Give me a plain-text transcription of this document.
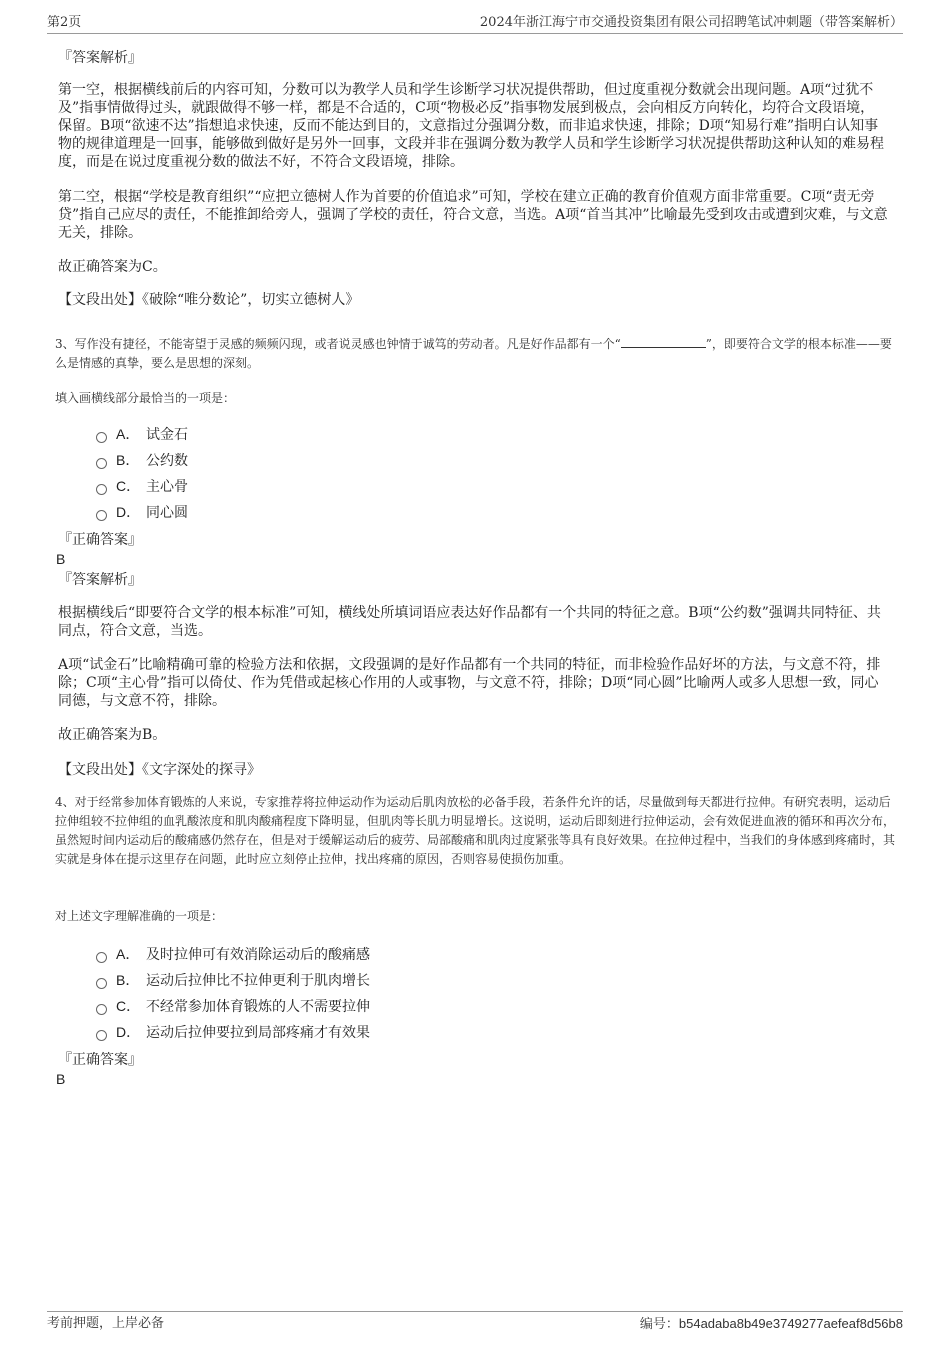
第2页	2024年浙江海宁市交通投资集团有限公司招聘笔试冲刺题（带答案解析）
『答案解析』
第一空，根据横线前后的内容可知，分数可以为教学人员和学生诊断学习状况提供帮助，但过度重视分数就会出现问题。A项“过犹不及”指事情做得过头，就跟做得不够一样，都是不合适的，C项“物极必反”指事物发展到极点，会向相反方向转化，均符合文段语境，保留。B项“欲速不达”指想追求快速，反而不能达到目的，文意指过分强调分数，而非追求快速，排除；D项“知易行难”指明白认知事物的规律道理是一回事，能够做到做好是另外一回事，文段并非在强调分数为教学人员和学生诊断学习状况提供帮助这种认知的难易程度，而是在说过度重视分数的做法不好，不符合文段语境，排除。
第二空，根据“学校是教育组织”“应把立德树人作为首要的价值追求”可知，学校在建立正确的教育价值观方面非常重要。C项“责无旁贷”指自己应尽的责任，不能推卸给旁人，强调了学校的责任，符合文意，当选。A项“首当其冲”比喻最先受到攻击或遭到灾难，与文意无关，排除。
故正确答案为C。
【文段出处】《破除“唯分数论”，切实立德树人》
3、写作没有捷径，不能寄望于灵感的频频闪现，或者说灵感也钟情于诚笃的劳动者。凡是好作品都有一个“	”，即要符合文学的根本标准——要么是情感的真挚，要么是思想的深刻。
填入画横线部分最恰当的一项是：
A． 试金石
B． 公约数
C． 主心骨
D． 同心圆
『正确答案』
B
『答案解析』
根据横线后“即要符合文学的根本标准”可知，横线处所填词语应表达好作品都有一个共同的特征之意。B项“公约数”强调共同特征、共同点，符合文意，当选。
A项“试金石”比喻精确可靠的检验方法和依据，文段强调的是好作品都有一个共同的特征，而非检验作品好坏的方法，与文意不符，排除；C项“主心骨”指可以倚仗、作为凭借或起核心作用的人或事物，与文意不符，排除；D项“同心圆”比喻两人或多人思想一致，同心同德，与文意不符，排除。
故正确答案为B。
【文段出处】《文字深处的探寻》
4、对于经常参加体育锻炼的人来说，专家推荐将拉伸运动作为运动后肌肉放松的必备手段，若条件允许的话，尽量做到每天都进行拉伸。有研究表明，运动后拉伸组较不拉伸组的血乳酸浓度和肌肉酸痛程度下降明显，但肌肉等长肌力明显增长。这说明，运动后即刻进行拉伸运动，会有效促进血液的循环和再次分布，虽然短时间内运动后的酸痛感仍然存在，但是对于缓解运动后的疲劳、局部酸痛和肌肉过度紧张等具有良好效果。在拉伸过程中，当我们的身体感到疼痛时，其实就是身体在提示这里存在问题，此时应立刻停止拉伸，找出疼痛的原因，否则容易使损伤加重。
对上述文字理解准确的一项是：
A． 及时拉伸可有效消除运动后的酸痛感
B． 运动后拉伸比不拉伸更利于肌肉增长
C． 不经常参加体育锻炼的人不需要拉伸
D． 运动后拉伸要拉到局部疼痛才有效果
『正确答案』
B
考前押题，上岸必备	编号：b54adaba8b49e3749277aefeaf8d56b8
